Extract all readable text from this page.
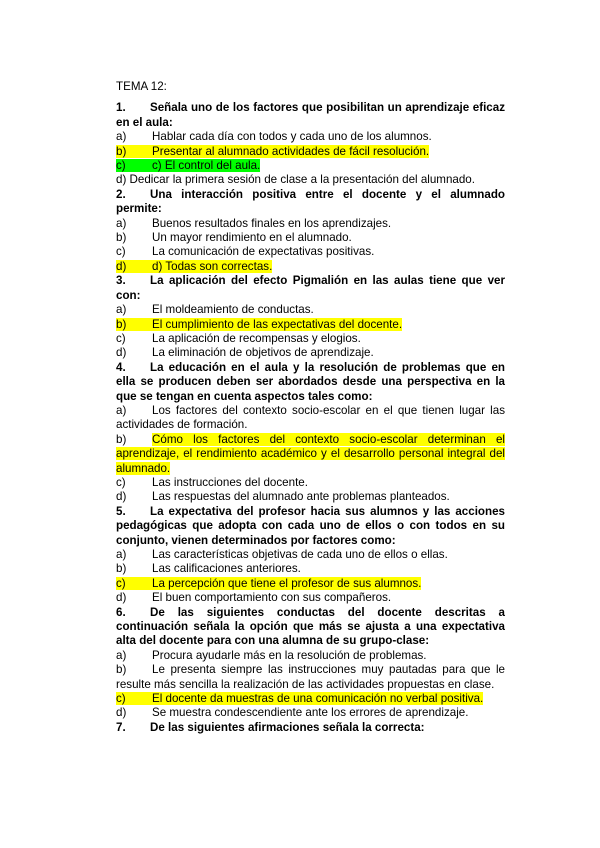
TEMA 12:
1. Señala uno de los factores que posibilitan un aprendizaje eficaz en el aula:
a) Hablar cada día con todos y cada uno de los alumnos.
b) Presentar al alumnado actividades de fácil resolución.
c) c) El control del aula.
d) Dedicar la primera sesión de clase a la presentación del alumnado.
2. Una interacción positiva entre el docente y el alumnado permite:
a) Buenos resultados finales en los aprendizajes.
b) Un mayor rendimiento en el alumnado.
c) La comunicación de expectativas positivas.
d) d) Todas son correctas.
3. La aplicación del efecto Pigmalión en las aulas tiene que ver con:
a) El moldeamiento de conductas.
b) El cumplimiento de las expectativas del docente.
c) La aplicación de recompensas y elogios.
d) La eliminación de objetivos de aprendizaje.
4. La educación en el aula y la resolución de problemas que en ella se producen deben ser abordados desde una perspectiva en la que se tengan en cuenta aspectos tales como:
a) Los factores del contexto socio-escolar en el que tienen lugar las actividades de formación.
b) Cómo los factores del contexto socio-escolar determinan el aprendizaje, el rendimiento académico y el desarrollo personal integral del alumnado.
c) Las instrucciones del docente.
d) Las respuestas del alumnado ante problemas planteados.
5. La expectativa del profesor hacia sus alumnos y las acciones pedagógicas que adopta con cada uno de ellos o con todos en su conjunto, vienen determinados por factores como:
a) Las características objetivas de cada uno de ellos o ellas.
b) Las calificaciones anteriores.
c) La percepción que tiene el profesor de sus alumnos.
d) El buen comportamiento con sus compañeros.
6. De las siguientes conductas del docente descritas a continuación señala la opción que más se ajusta a una expectativa alta del docente para con una alumna de su grupo-clase:
a) Procura ayudarle más en la resolución de problemas.
b) Le presenta siempre las instrucciones muy pautadas para que le resulte más sencilla la realización de las actividades propuestas en clase.
c) El docente da muestras de una comunicación no verbal positiva.
d) Se muestra condescendiente ante los errores de aprendizaje.
7. De las siguientes afirmaciones señala la correcta:
